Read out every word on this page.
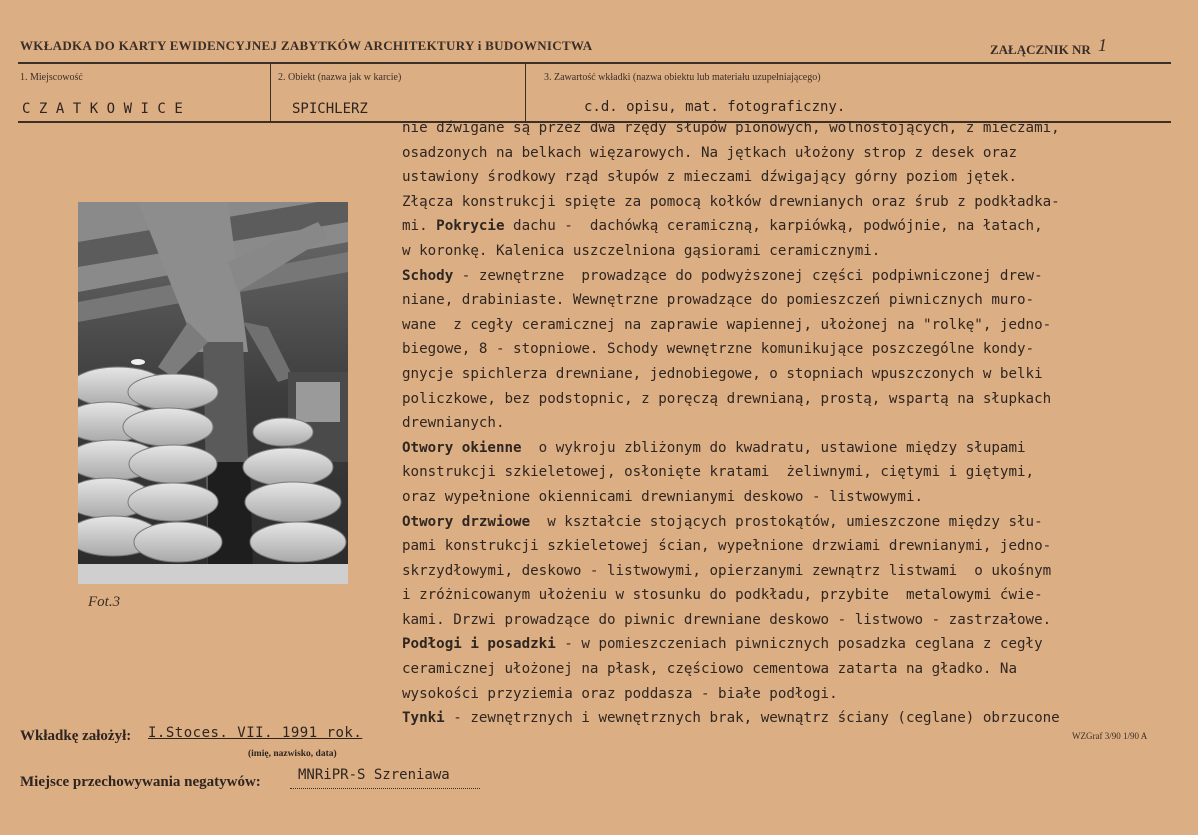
WKŁADKA DO KARTY EWIDENCYJNEJ ZABYTKÓW ARCHITEKTURY i BUDOWNICTWA	ZAŁĄCZNIK NR 1
1. Miejscowość
CZATKOWICE
2. Obiekt (nazwa jak w karcie)
SPICHLERZ
3. Zawartość wkładki (nazwa obiektu lub materiału uzupełniającego)
c.d. opisu, mat. fotograficzny.
Fot.3
nie dźwigane są przez dwa rzędy słupów pionowych, wolnostojących, z mieczami,
osadzonych na belkach więzarowych. Na jętkach ułożony strop z desek oraz
ustawiony środkowy rząd słupów z mieczami dźwigający górny poziom jętek.
Złącza konstrukcji spięte za pomocą kołków drewnianych oraz śrub z podkładka-
mi. Pokrycie dachu -  dachówką ceramiczną, karpiówką, podwójnie, na łatach,
w koronkę. Kalenica uszczelniona gąsiorami ceramicznymi.
Schody - zewnętrzne  prowadzące do podwyższonej części podpiwniczonej drew-
niane, drabiniaste. Wewnętrzne prowadzące do pomieszczeń piwnicznych muro-
wane  z cegły ceramicznej na zaprawie wapiennej, ułożonej na "rolkę", jedno-
biegowe, 8 - stopniowe. Schody wewnętrzne komunikujące poszczególne kondy-
gnycje spichlerza drewniane, jednobiegowe, o stopniach wpuszczonych w belki
policzkowe, bez podstopnic, z poręczą drewnianą, prostą, wspartą na słupkach
drewnianych.
Otwory okienne  o wykroju zbliżonym do kwadratu, ustawione między słupami
konstrukcji szkieletowej, osłonięte kratami  żeliwnymi, ciętymi i giętymi,
oraz wypełnione okiennicami drewnianymi deskowo - listwowymi.
Otwory drzwiowe  w kształcie stojących prostokątów, umieszczone między słu-
pami konstrukcji szkieletowej ścian, wypełnione drzwiami drewnianymi, jedno-
skrzydłowymi, deskowo - listwowymi, opierzanymi zewnątrz listwami  o ukośnym
i zróżnicowanym ułożeniu w stosunku do podkładu, przybite  metalowymi ćwie-
kami. Drzwi prowadzące do piwnic drewniane deskowo - listwowo - zastrzałowe.
Podłogi i posadzki - w pomieszczeniach piwnicznych posadzka ceglana z cegły
ceramicznej ułożonej na płask, częściowo cementowa zatarta na gładko. Na
wysokości przyziemia oraz poddasza - białe podłogi.
Tynki - zewnętrznych i wewnętrznych brak, wewnątrz ściany (ceglane) obrzucone
Wkładkę założył: I.Stoces. VII. 1991 rok.
(imię, nazwisko, data)
Miejsce przechowywania negatywów:	MNRiPR-S Szreniawa
WZGraf 3/90 1/90 A
